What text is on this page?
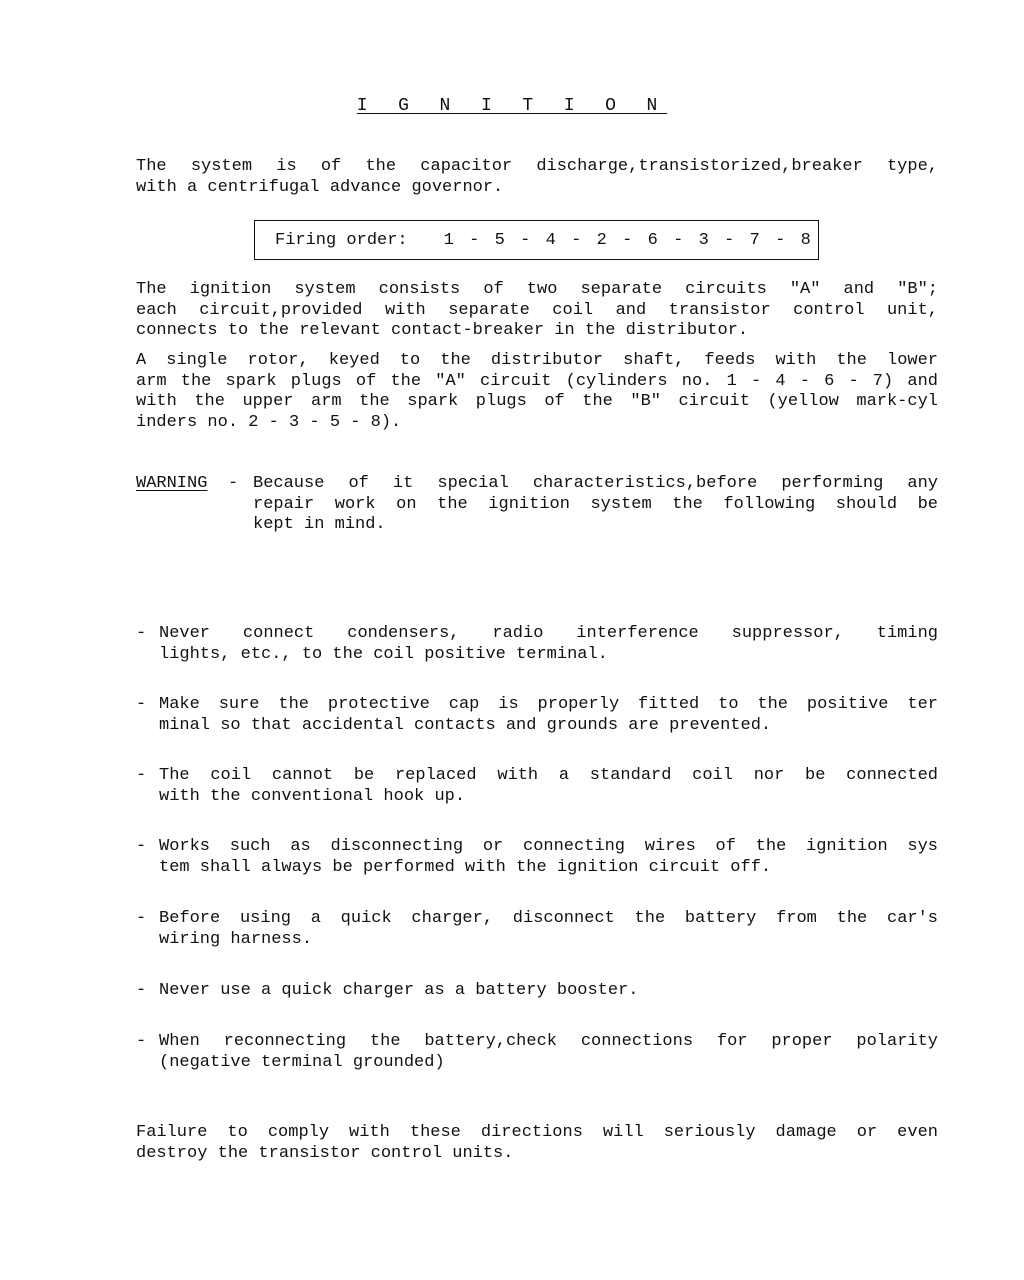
I G N I T I O N
The system is of the capacitor discharge,transistorized,breaker type,
with a centrifugal advance governor.
Firing order: 1 - 5 - 4 - 2 - 6 - 3 - 7 - 8
The ignition system consists of two separate circuits "A" and "B";
each circuit,provided with separate coil and transistor control unit,
connects to the relevant contact-breaker in the distributor.
A single rotor, keyed to the distributor shaft, feeds with the lower
arm the spark plugs of the "A" circuit (cylinders no. 1 - 4 - 6 - 7) and
with the upper arm the spark plugs of the "B" circuit (yellow mark-cyl
inders no. 2 - 3 - 5 - 8).
WARNING - Because of it special characteristics,before performing any
repair work on the ignition system the following should be
kept in mind.
- Never connect condensers, radio interference suppressor, timing
lights, etc., to the coil positive terminal.
- Make sure the protective cap is properly fitted to the positive ter
minal so that accidental contacts and grounds are prevented.
- The coil cannot be replaced with a standard coil nor be connected
with the conventional hook up.
- Works such as disconnecting or connecting wires of the ignition sys
tem shall always be performed with the ignition circuit off.
- Before using a quick charger, disconnect the battery from the car's
wiring harness.
- Never use a quick charger as a battery booster.
- When reconnecting the battery,check connections for proper polarity
(negative terminal grounded)
Failure to comply with these directions will seriously damage or even
destroy the transistor control units.
